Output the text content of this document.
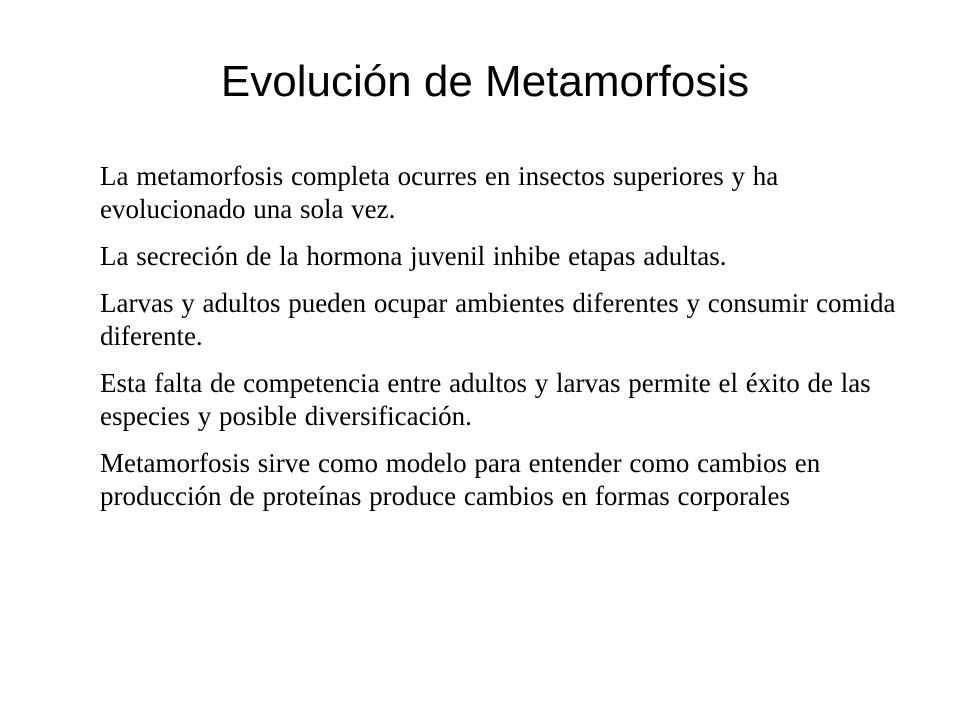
Evolución de Metamorfosis

La metamorfosis completa ocurres en insectos superiores y ha evolucionado una sola vez.

La secreción de la hormona juvenil inhibe etapas adultas.

Larvas y adultos pueden ocupar ambientes diferentes y consumir comida diferente.

Esta falta de competencia entre adultos y larvas permite el éxito de las especies y posible diversificación.

Metamorfosis sirve como modelo para entender como cambios en producción de proteínas produce cambios en formas corporales
